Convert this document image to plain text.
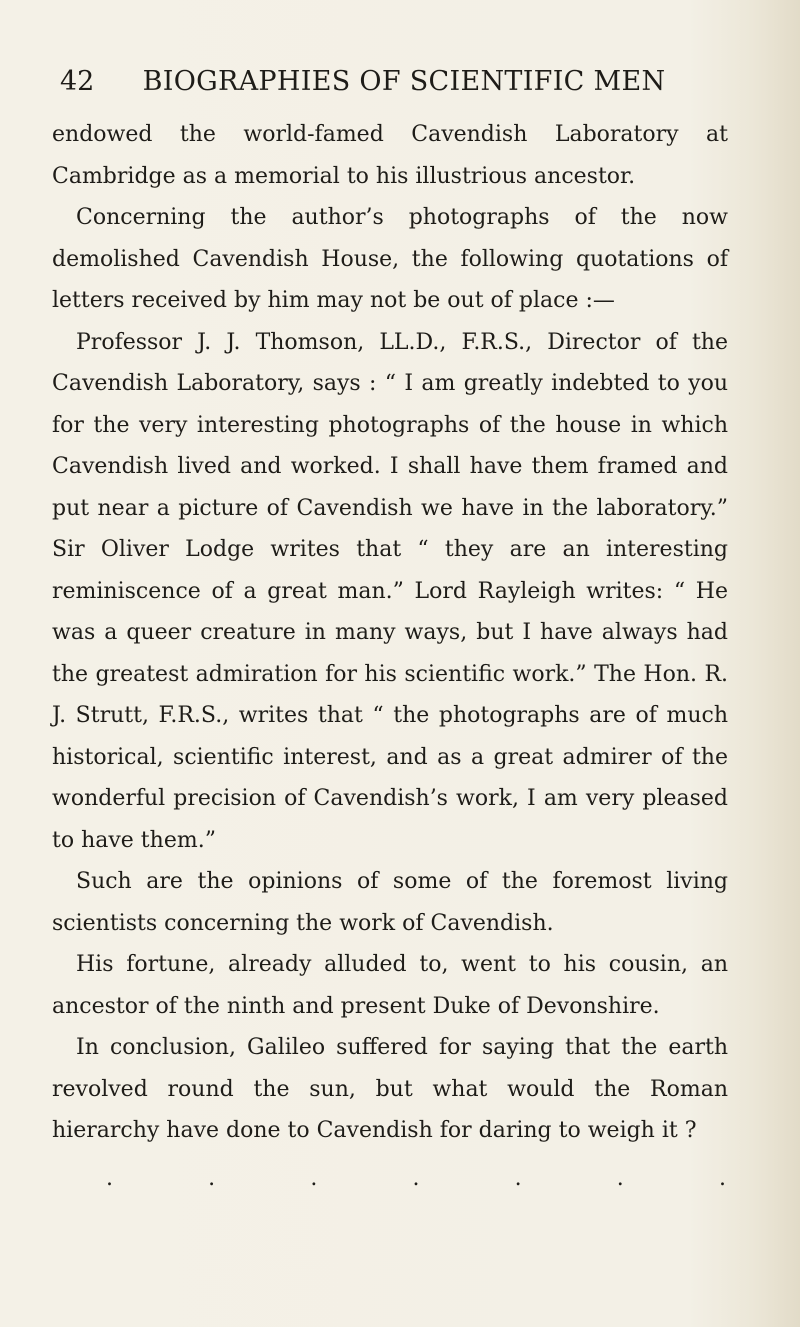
42 BIOGRAPHIES OF SCIENTIFIC MEN

endowed the world-famed Cavendish Laboratory at Cambridge as a memorial to his illustrious ancestor.

Concerning the author’s photographs of the now demolished Cavendish House, the following quotations of letters received by him may not be out of place :—

Professor J. J. Thomson, LL.D., F.R.S., Director of the Cavendish Laboratory, says : “ I am greatly indebted to you for the very interesting photographs of the house in which Cavendish lived and worked. I shall have them framed and put near a picture of Cavendish we have in the laboratory.” Sir Oliver Lodge writes that “ they are an interesting reminiscence of a great man.” Lord Rayleigh writes: “ He was a queer creature in many ways, but I have always had the greatest admiration for his scientific work.” The Hon. R. J. Strutt, F.R.S., writes that “ the photographs are of much historical, scientific interest, and as a great admirer of the wonderful precision of Cavendish’s work, I am very pleased to have them.”

Such are the opinions of some of the foremost living scientists concerning the work of Cavendish.

His fortune, already alluded to, went to his cousin, an ancestor of the ninth and present Duke of Devonshire.

In conclusion, Galileo suffered for saying that the earth revolved round the sun, but what would the Roman hierarchy have done to Cavendish for daring to weigh it ?

.	.	.	.	.	.	.
